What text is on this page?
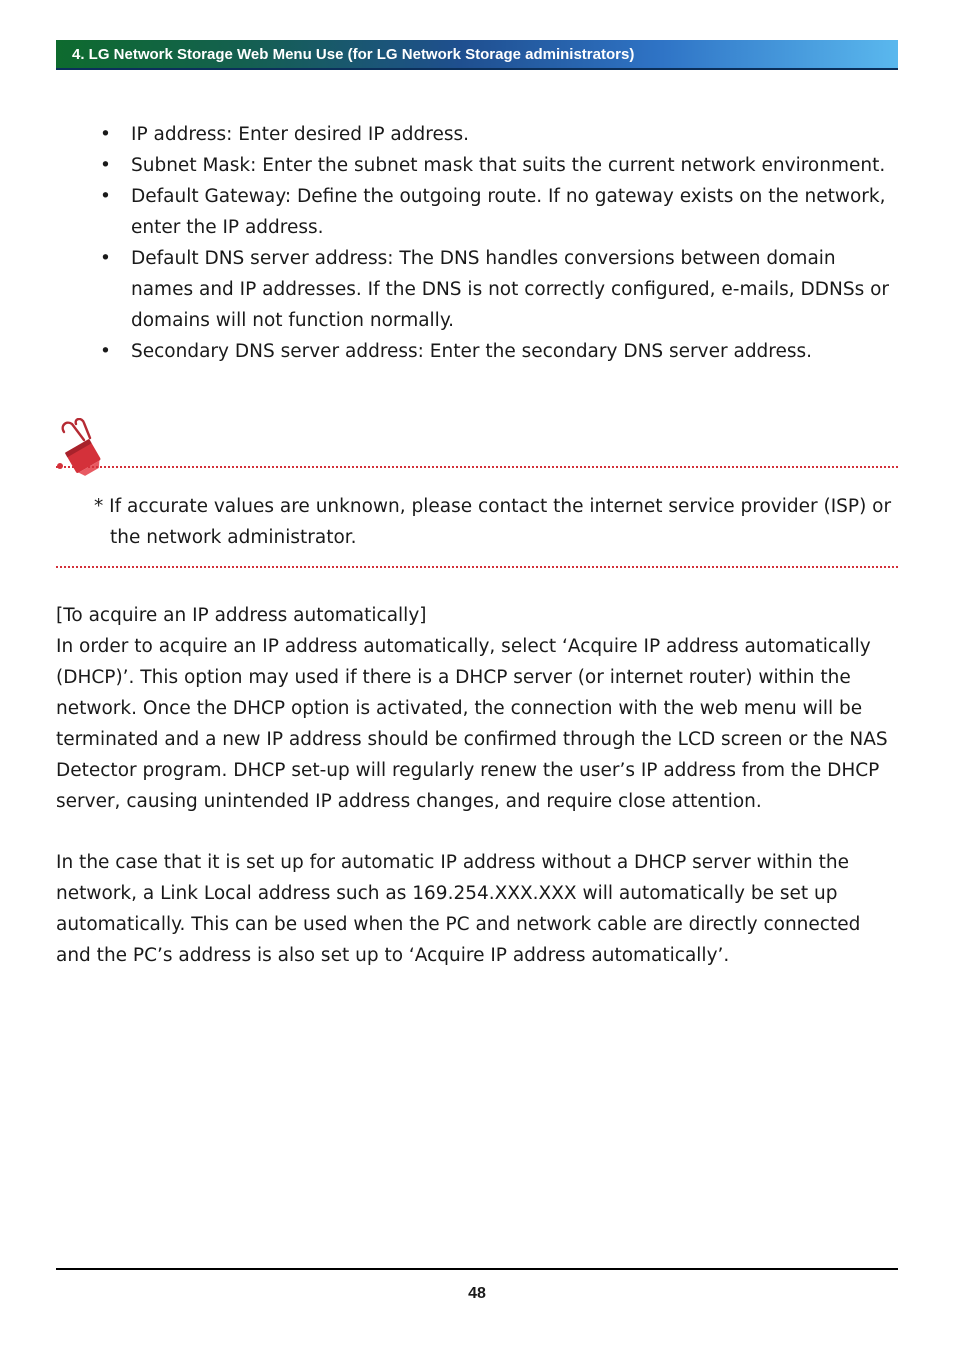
4. LG Network Storage Web Menu Use (for LG Network Storage administrators)
• IP address: Enter desired IP address.
• Subnet Mask: Enter the subnet mask that suits the current network environment.
• Default Gateway: Define the outgoing route. If no gateway exists on the network, enter the IP address.
• Default DNS server address: The DNS handles conversions between domain names and IP addresses. If the DNS is not correctly configured, e-mails, DDNSs or domains will not function normally.
• Secondary DNS server address: Enter the secondary DNS server address.
* If accurate values are unknown, please contact the internet service provider (ISP) or the network administrator.
[To acquire an IP address automatically]
In order to acquire an IP address automatically, select ‘Acquire IP address automatically (DHCP)’. This option may used if there is a DHCP server (or internet router) within the network. Once the DHCP option is activated, the connection with the web menu will be terminated and a new IP address should be confirmed through the LCD screen or the NAS Detector program. DHCP set-up will regularly renew the user’s IP address from the DHCP server, causing unintended IP address changes, and require close attention.
In the case that it is set up for automatic IP address without a DHCP server within the network, a Link Local address such as 169.254.XXX.XXX will automatically be set up automatically. This can be used when the PC and network cable are directly connected and the PC’s address is also set up to ‘Acquire IP address automatically’.
48
